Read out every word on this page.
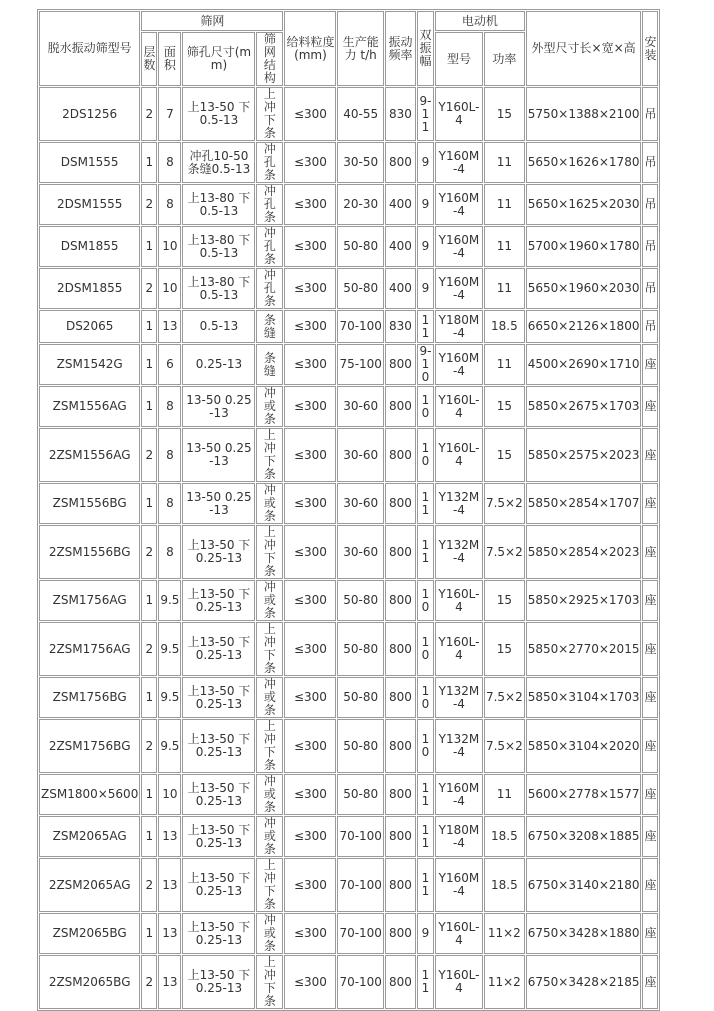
脱水振动筛型号	筛网				给料粒度(mm)	生产能力 t/h	振动频率	双振幅	电动机		外型尺寸长×宽×高	安装
	层数	面积	筛孔尺寸(mm)	筛网结构					型号	功率		
2DS1256	2	7	上13-50 下0.5-13	上冲下条	≤300	40-55	830	9-11	Y160L-4	15	5750×1388×2100	吊
DSM1555	1	8	冲孔10-50 条缝0.5-13	冲孔条	≤300	30-50	800	9	Y160M-4	11	5650×1626×1780	吊
2DSM1555	2	8	上13-80 下0.5-13	冲孔条	≤300	20-30	400	9	Y160M-4	11	5650×1625×2030	吊
DSM1855	1	10	上13-80 下0.5-13	冲孔条	≤300	50-80	400	9	Y160M-4	11	5700×1960×1780	吊
2DSM1855	2	10	上13-80 下0.5-13	冲孔条	≤300	50-80	400	9	Y160M-4	11	5650×1960×2030	吊
DS2065	1	13	0.5-13	条缝	≤300	70-100	830	11	Y180M-4	18.5	6650×2126×1800	吊
ZSM1542G	1	6	0.25-13	条缝	≤300	75-100	800	9-10	Y160M-4	11	4500×2690×1710	座
ZSM1556AG	1	8	13-50 0.25-13	冲或条	≤300	30-60	800	10	Y160L-4	15	5850×2675×1703	座
2ZSM1556AG	2	8	13-50 0.25-13	上冲下条	≤300	30-60	800	10	Y160L-4	15	5850×2575×2023	座
ZSM1556BG	1	8	13-50 0.25-13	冲或条	≤300	30-60	800	11	Y132M-4	7.5×2	5850×2854×1707	座
2ZSM1556BG	2	8	上13-50 下0.25-13	上冲下条	≤300	30-60	800	11	Y132M-4	7.5×2	5850×2854×2023	座
ZSM1756AG	1	9.5	上13-50 下0.25-13	冲或条	≤300	50-80	800	10	Y160L-4	15	5850×2925×1703	座
2ZSM1756AG	2	9.5	上13-50 下0.25-13	上冲下条	≤300	50-80	800	10	Y160L-4	15	5850×2770×2015	座
ZSM1756BG	1	9.5	上13-50 下0.25-13	冲或条	≤300	50-80	800	10	Y132M-4	7.5×2	5850×3104×1703	座
2ZSM1756BG	2	9.5	上13-50 下0.25-13	上冲下条	≤300	50-80	800	10	Y132M-4	7.5×2	5850×3104×2020	座
ZSM1800×5600	1	10	上13-50 下0.25-13	冲或条	≤300	50-80	800	11	Y160M-4	11	5600×2778×1577	座
ZSM2065AG	1	13	上13-50 下0.25-13	冲或条	≤300	70-100	800	11	Y180M-4	18.5	6750×3208×1885	座
2ZSM2065AG	2	13	上13-50 下0.25-13	上冲下条	≤300	70-100	800	11	Y160M-4	18.5	6750×3140×2180	座
ZSM2065BG	1	13	上13-50 下0.25-13	冲或条	≤300	70-100	800	9	Y160L-4	11×2	6750×3428×1880	座
2ZSM2065BG	2	13	上13-50 下0.25-13	上冲下条	≤300	70-100	800	11	Y160L-4	11×2	6750×3428×2185	座
